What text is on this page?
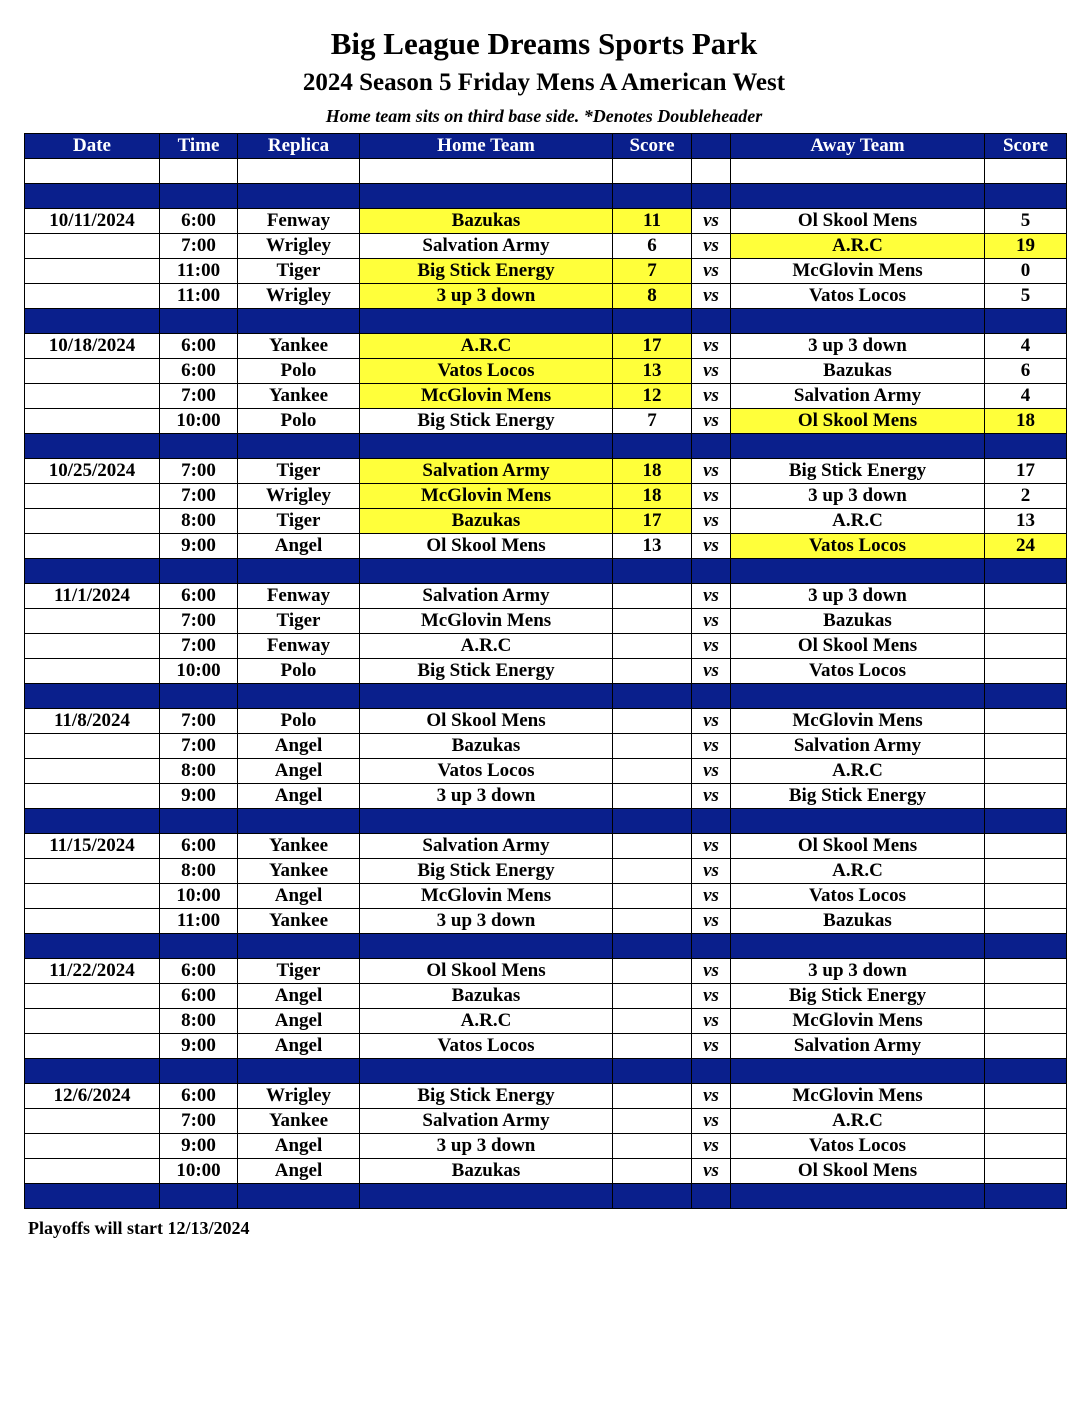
Big League Dreams Sports Park
2024 Season 5 Friday Mens A American West
Home team sits on third base side. *Denotes Doubleheader
Date	Time	Replica	Home Team	Score		Away Team	Score

10/11/2024	6:00	Fenway	Bazukas	11	vs	Ol Skool Mens	5
	7:00	Wrigley	Salvation Army	6	vs	A.R.C	19
	11:00	Tiger	Big Stick Energy	7	vs	McGlovin Mens	0
	11:00	Wrigley	3 up 3 down	8	vs	Vatos Locos	5

10/18/2024	6:00	Yankee	A.R.C	17	vs	3 up 3 down	4
	6:00	Polo	Vatos Locos	13	vs	Bazukas	6
	7:00	Yankee	McGlovin Mens	12	vs	Salvation Army	4
	10:00	Polo	Big Stick Energy	7	vs	Ol Skool Mens	18

10/25/2024	7:00	Tiger	Salvation Army	18	vs	Big Stick Energy	17
	7:00	Wrigley	McGlovin Mens	18	vs	3 up 3 down	2
	8:00	Tiger	Bazukas	17	vs	A.R.C	13
	9:00	Angel	Ol Skool Mens	13	vs	Vatos Locos	24

11/1/2024	6:00	Fenway	Salvation Army		vs	3 up 3 down	
	7:00	Tiger	McGlovin Mens		vs	Bazukas	
	7:00	Fenway	A.R.C		vs	Ol Skool Mens	
	10:00	Polo	Big Stick Energy		vs	Vatos Locos	

11/8/2024	7:00	Polo	Ol Skool Mens		vs	McGlovin Mens	
	7:00	Angel	Bazukas		vs	Salvation Army	
	8:00	Angel	Vatos Locos		vs	A.R.C	
	9:00	Angel	3 up 3 down		vs	Big Stick Energy	

11/15/2024	6:00	Yankee	Salvation Army		vs	Ol Skool Mens	
	8:00	Yankee	Big Stick Energy		vs	A.R.C	
	10:00	Angel	McGlovin Mens		vs	Vatos Locos	
	11:00	Yankee	3 up 3 down		vs	Bazukas	

11/22/2024	6:00	Tiger	Ol Skool Mens		vs	3 up 3 down	
	6:00	Angel	Bazukas		vs	Big Stick Energy	
	8:00	Angel	A.R.C		vs	McGlovin Mens	
	9:00	Angel	Vatos Locos		vs	Salvation Army	

12/6/2024	6:00	Wrigley	Big Stick Energy		vs	McGlovin Mens	
	7:00	Yankee	Salvation Army		vs	A.R.C	
	9:00	Angel	3 up 3 down		vs	Vatos Locos	
	10:00	Angel	Bazukas		vs	Ol Skool Mens	

Playoffs will start 12/13/2024
